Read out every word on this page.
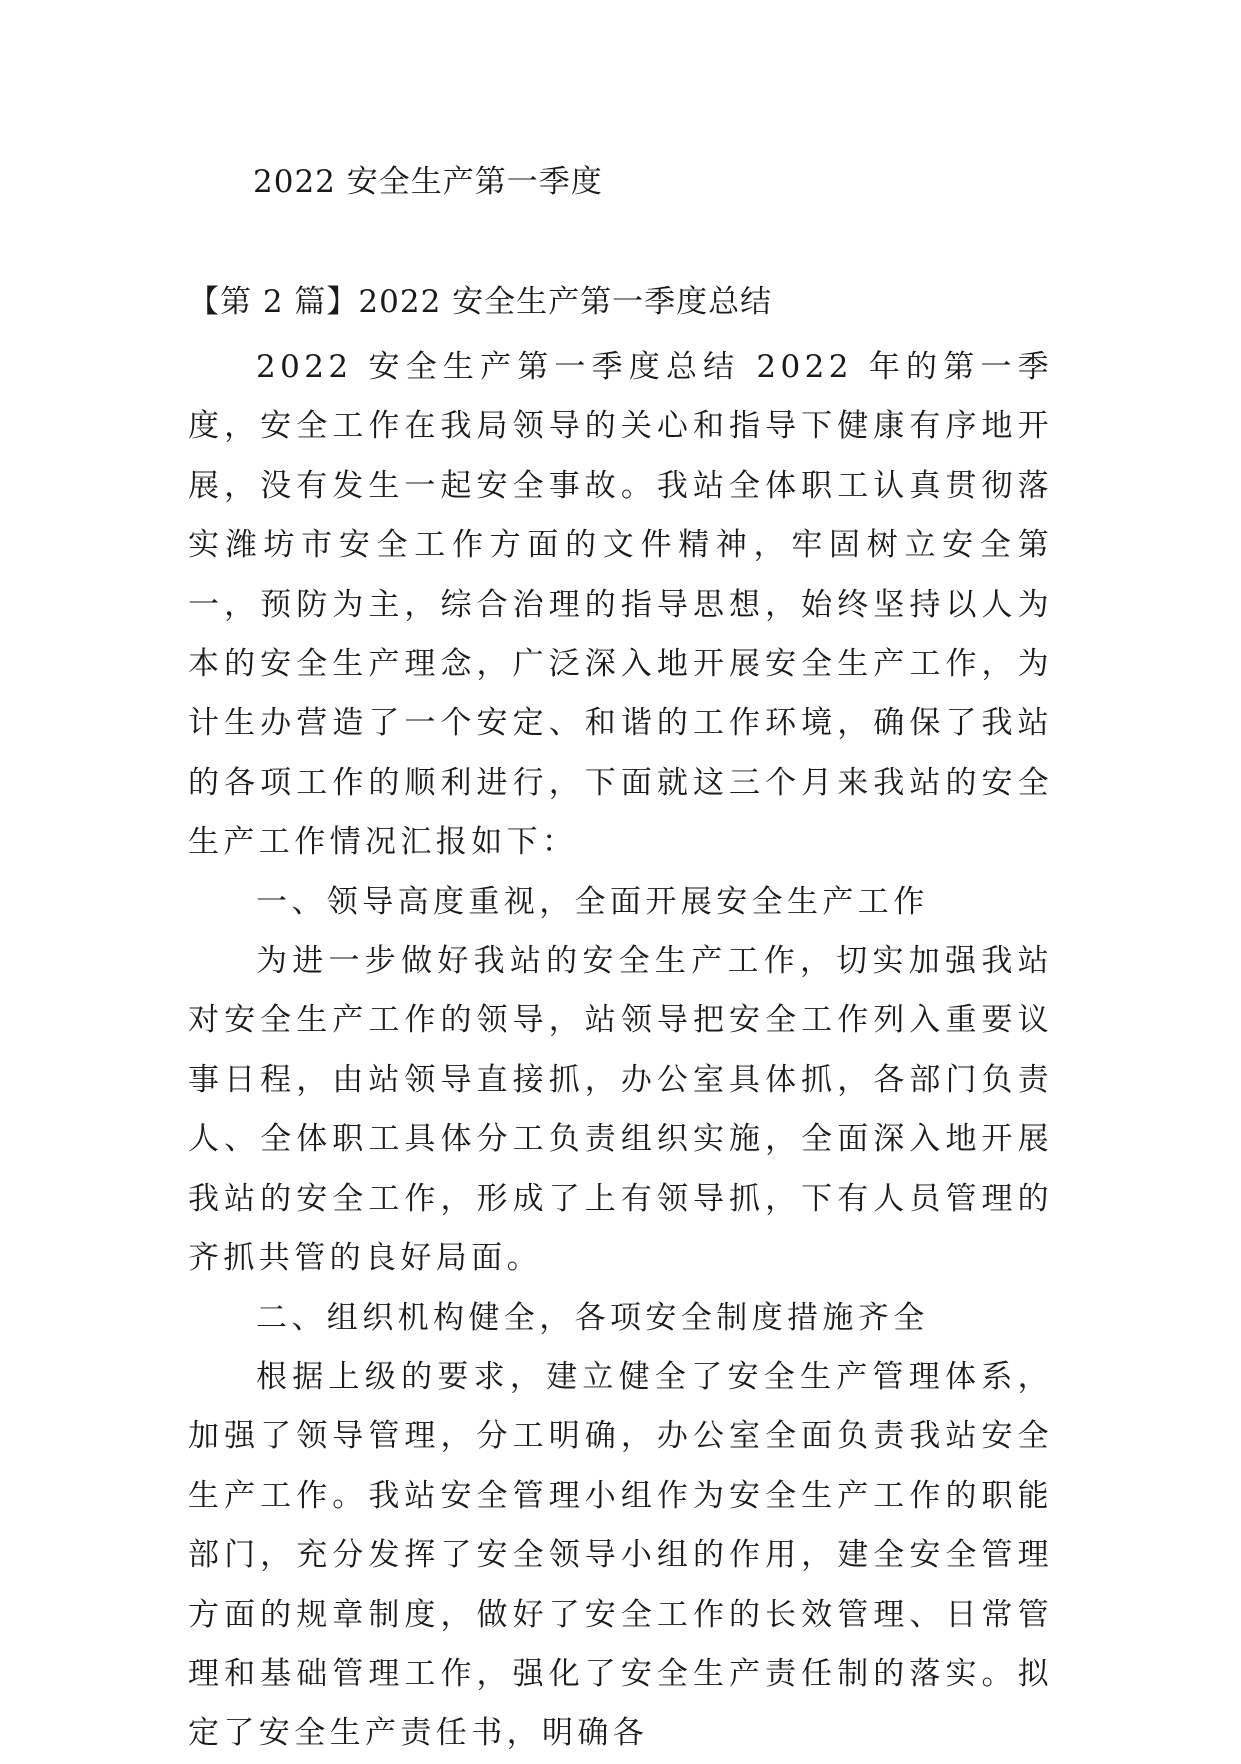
2022 安全生产第一季度
【第 2 篇】2022 安全生产第一季度总结

2022 安全生产第一季度总结 2022 年的第一季度，安全工作在我局领导的关心和指导下健康有序地开展，没有发生一起安全事故。我站全体职工认真贯彻落实潍坊市安全工作方面的文件精神，牢固树立安全第一，预防为主，综合治理的指导思想，始终坚持以人为本的安全生产理念，广泛深入地开展安全生产工作，为计生办营造了一个安定、和谐的工作环境，确保了我站的各项工作的顺利进行，下面就这三个月来我站的安全生产工作情况汇报如下：

一、领导高度重视，全面开展安全生产工作

为进一步做好我站的安全生产工作，切实加强我站对安全生产工作的领导，站领导把安全工作列入重要议事日程，由站领导直接抓，办公室具体抓，各部门负责人、全体职工具体分工负责组织实施，全面深入地开展我站的安全工作，形成了上有领导抓，下有人员管理的齐抓共管的良好局面。

二、组织机构健全，各项安全制度措施齐全

根据上级的要求，建立健全了安全生产管理体系，加强了领导管理，分工明确，办公室全面负责我站安全生产工作。我站安全管理小组作为安全生产工作的职能部门，充分发挥了安全领导小组的作用，建全安全管理方面的规章制度，做好了安全工作的长效管理、日常管理和基础管理工作，强化了安全生产责任制的落实。拟定了安全生产责任书，明确各
